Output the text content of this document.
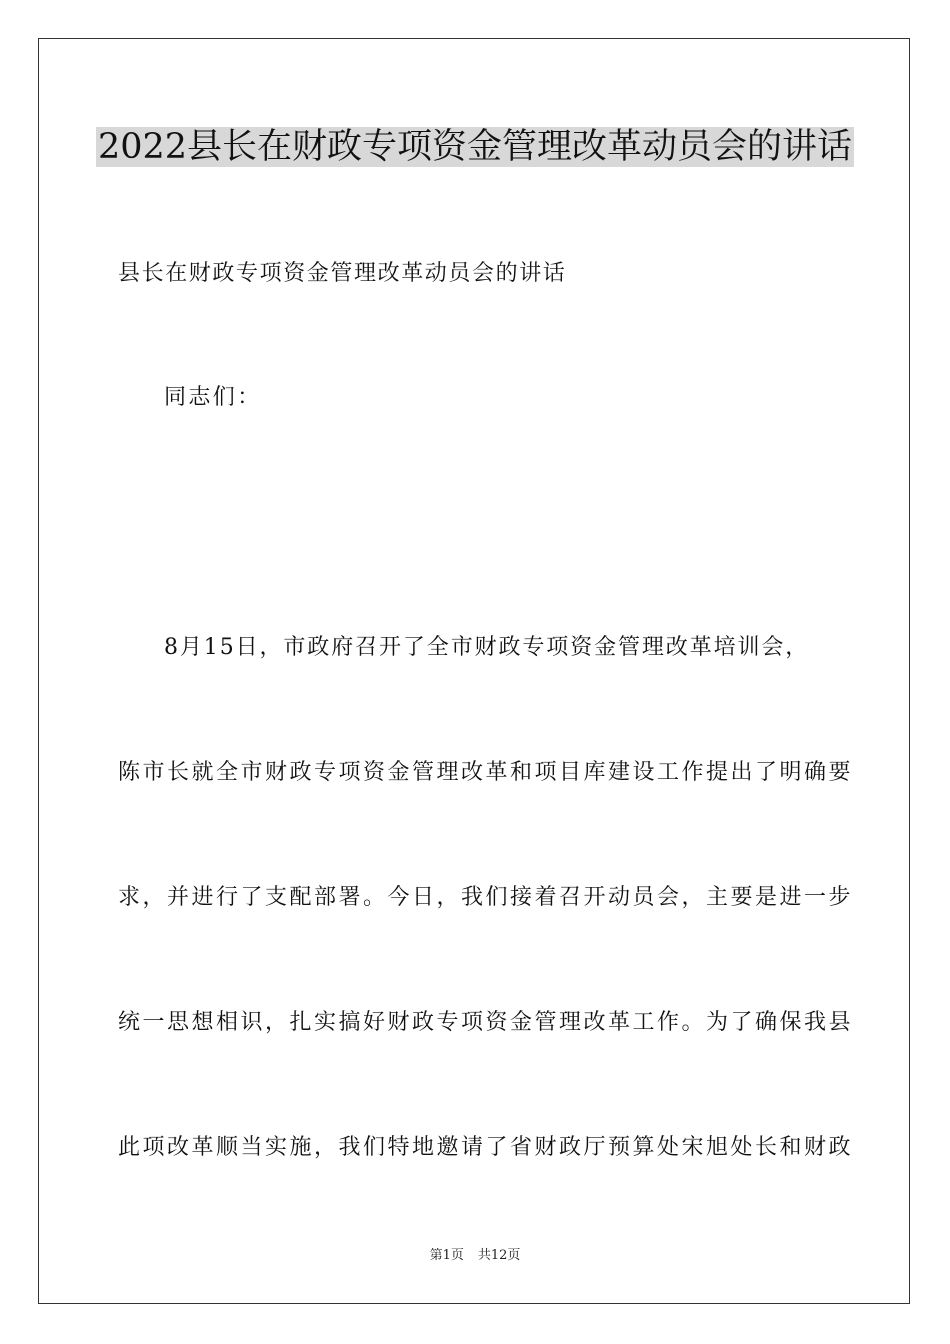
2022县长在财政专项资金管理改革动员会的讲话
县长在财政专项资金管理改革动员会的讲话
同志们：
8月15日，市政府召开了全市财政专项资金管理改革培训会，
陈市长就全市财政专项资金管理改革和项目库建设工作提出了明确要
求，并进行了支配部署。今日，我们接着召开动员会，主要是进一步
统一思想相识，扎实搞好财政专项资金管理改革工作。为了确保我县
此项改革顺当实施，我们特地邀请了省财政厅预算处宋旭处长和财政
第1页 共12页
